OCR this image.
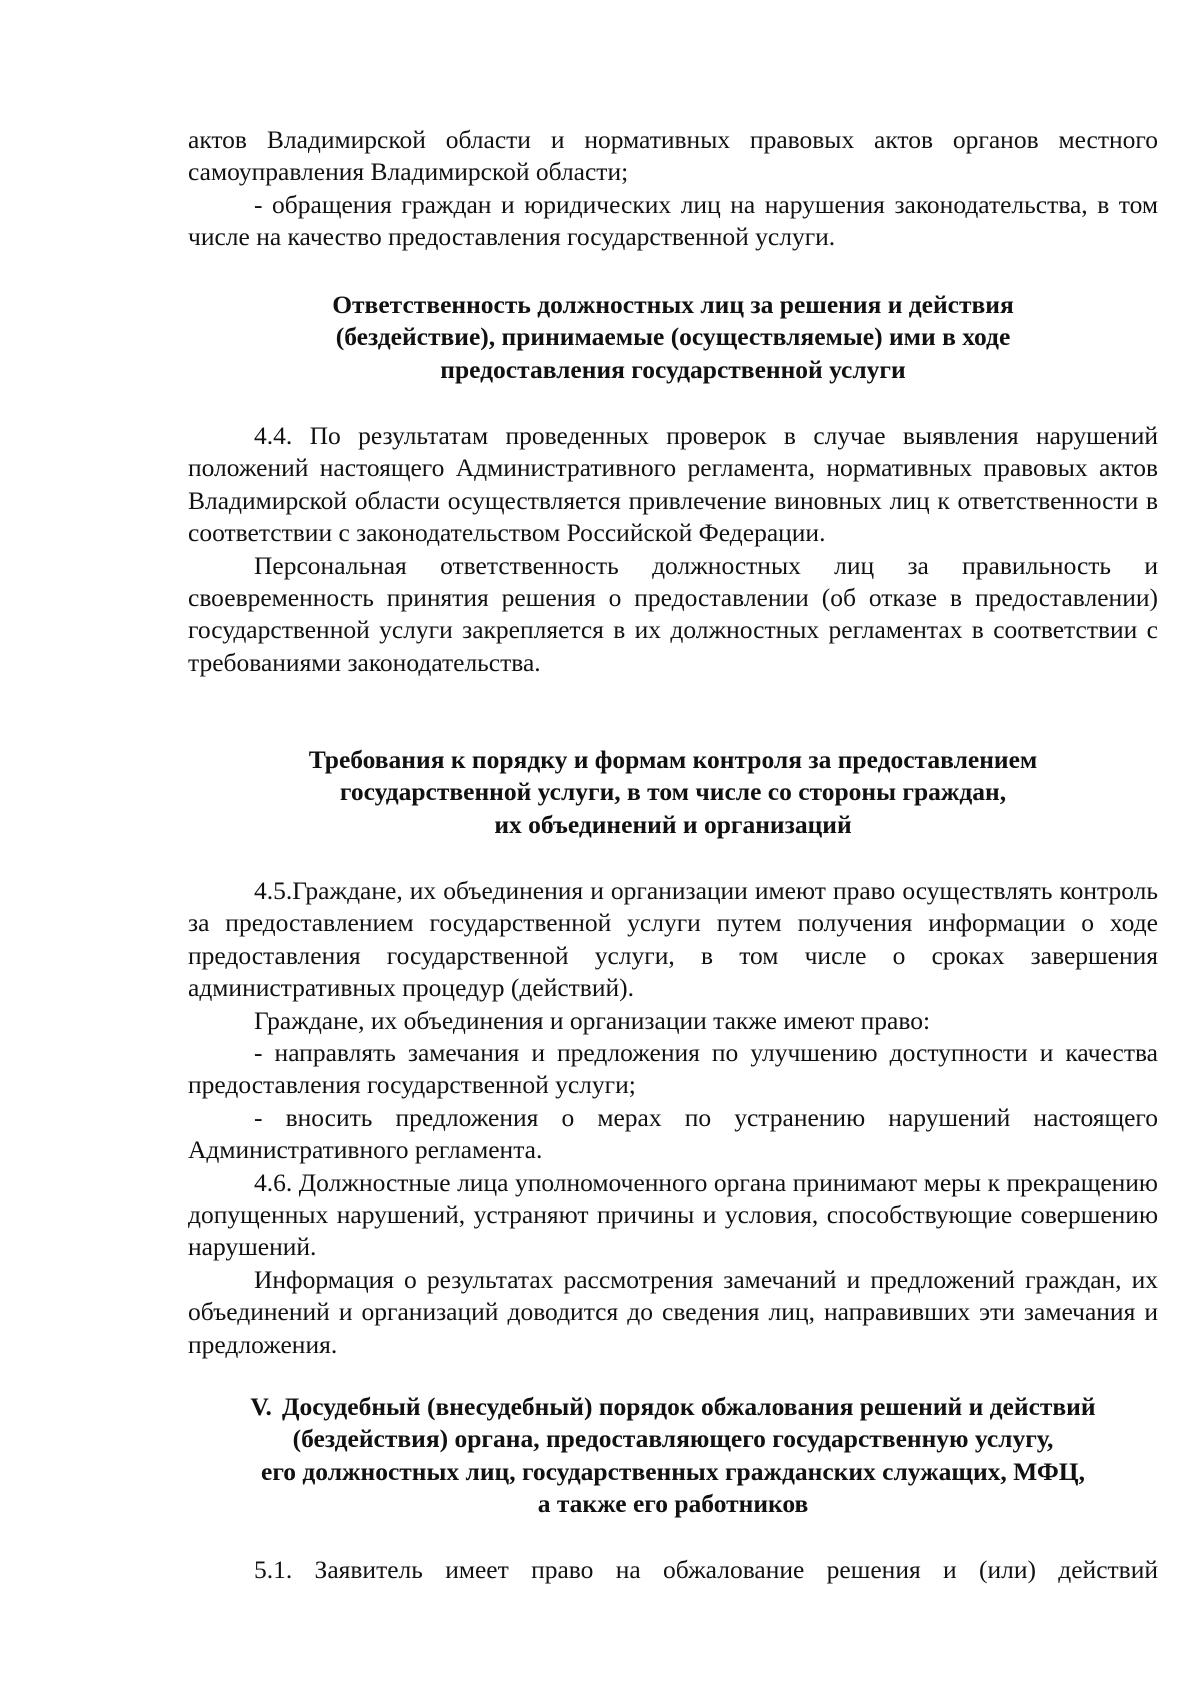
актов Владимирской области и нормативных правовых актов органов местного самоуправления Владимирской области;

- обращения граждан и юридических лиц на нарушения законодательства, в том числе на качество предоставления государственной услуги.

Ответственность должностных лиц за решения и действия
(бездействие), принимаемые (осуществляемые) ими в ходе
предоставления государственной услуги

4.4. По результатам проведенных проверок в случае выявления нарушений положений настоящего Административного регламента, нормативных правовых актов Владимирской области осуществляется привлечение виновных лиц к ответственности в соответствии с законодательством Российской Федерации.

Персональная ответственность должностных лиц за правильность и своевременность принятия решения о предоставлении (об отказе в предоставлении) государственной услуги закрепляется в их должностных регламентах в соответствии с требованиями законодательства.

Требования к порядку и формам контроля за предоставлением
государственной услуги, в том числе со стороны граждан,
их объединений и организаций

4.5.Граждане, их объединения и организации имеют право осуществлять контроль за предоставлением государственной услуги путем получения информации о ходе предоставления государственной услуги, в том числе о сроках завершения административных процедур (действий).

Граждане, их объединения и организации также имеют право:

- направлять замечания и предложения по улучшению доступности и качества предоставления государственной услуги;

- вносить предложения о мерах по устранению нарушений настоящего Административного регламента.

4.6. Должностные лица уполномоченного органа принимают меры к прекращению допущенных нарушений, устраняют причины и условия, способствующие совершению нарушений.

Информация о результатах рассмотрения замечаний и предложений граждан, их объединений и организаций доводится до сведения лиц, направивших эти замечания и предложения.

V. Досудебный (внесудебный) порядок обжалования решений и действий
(бездействия) органа, предоставляющего государственную услугу,
его должностных лиц, государственных гражданских служащих, МФЦ,
а также его работников

5.1. Заявитель имеет право на обжалование решения и (или) действий
